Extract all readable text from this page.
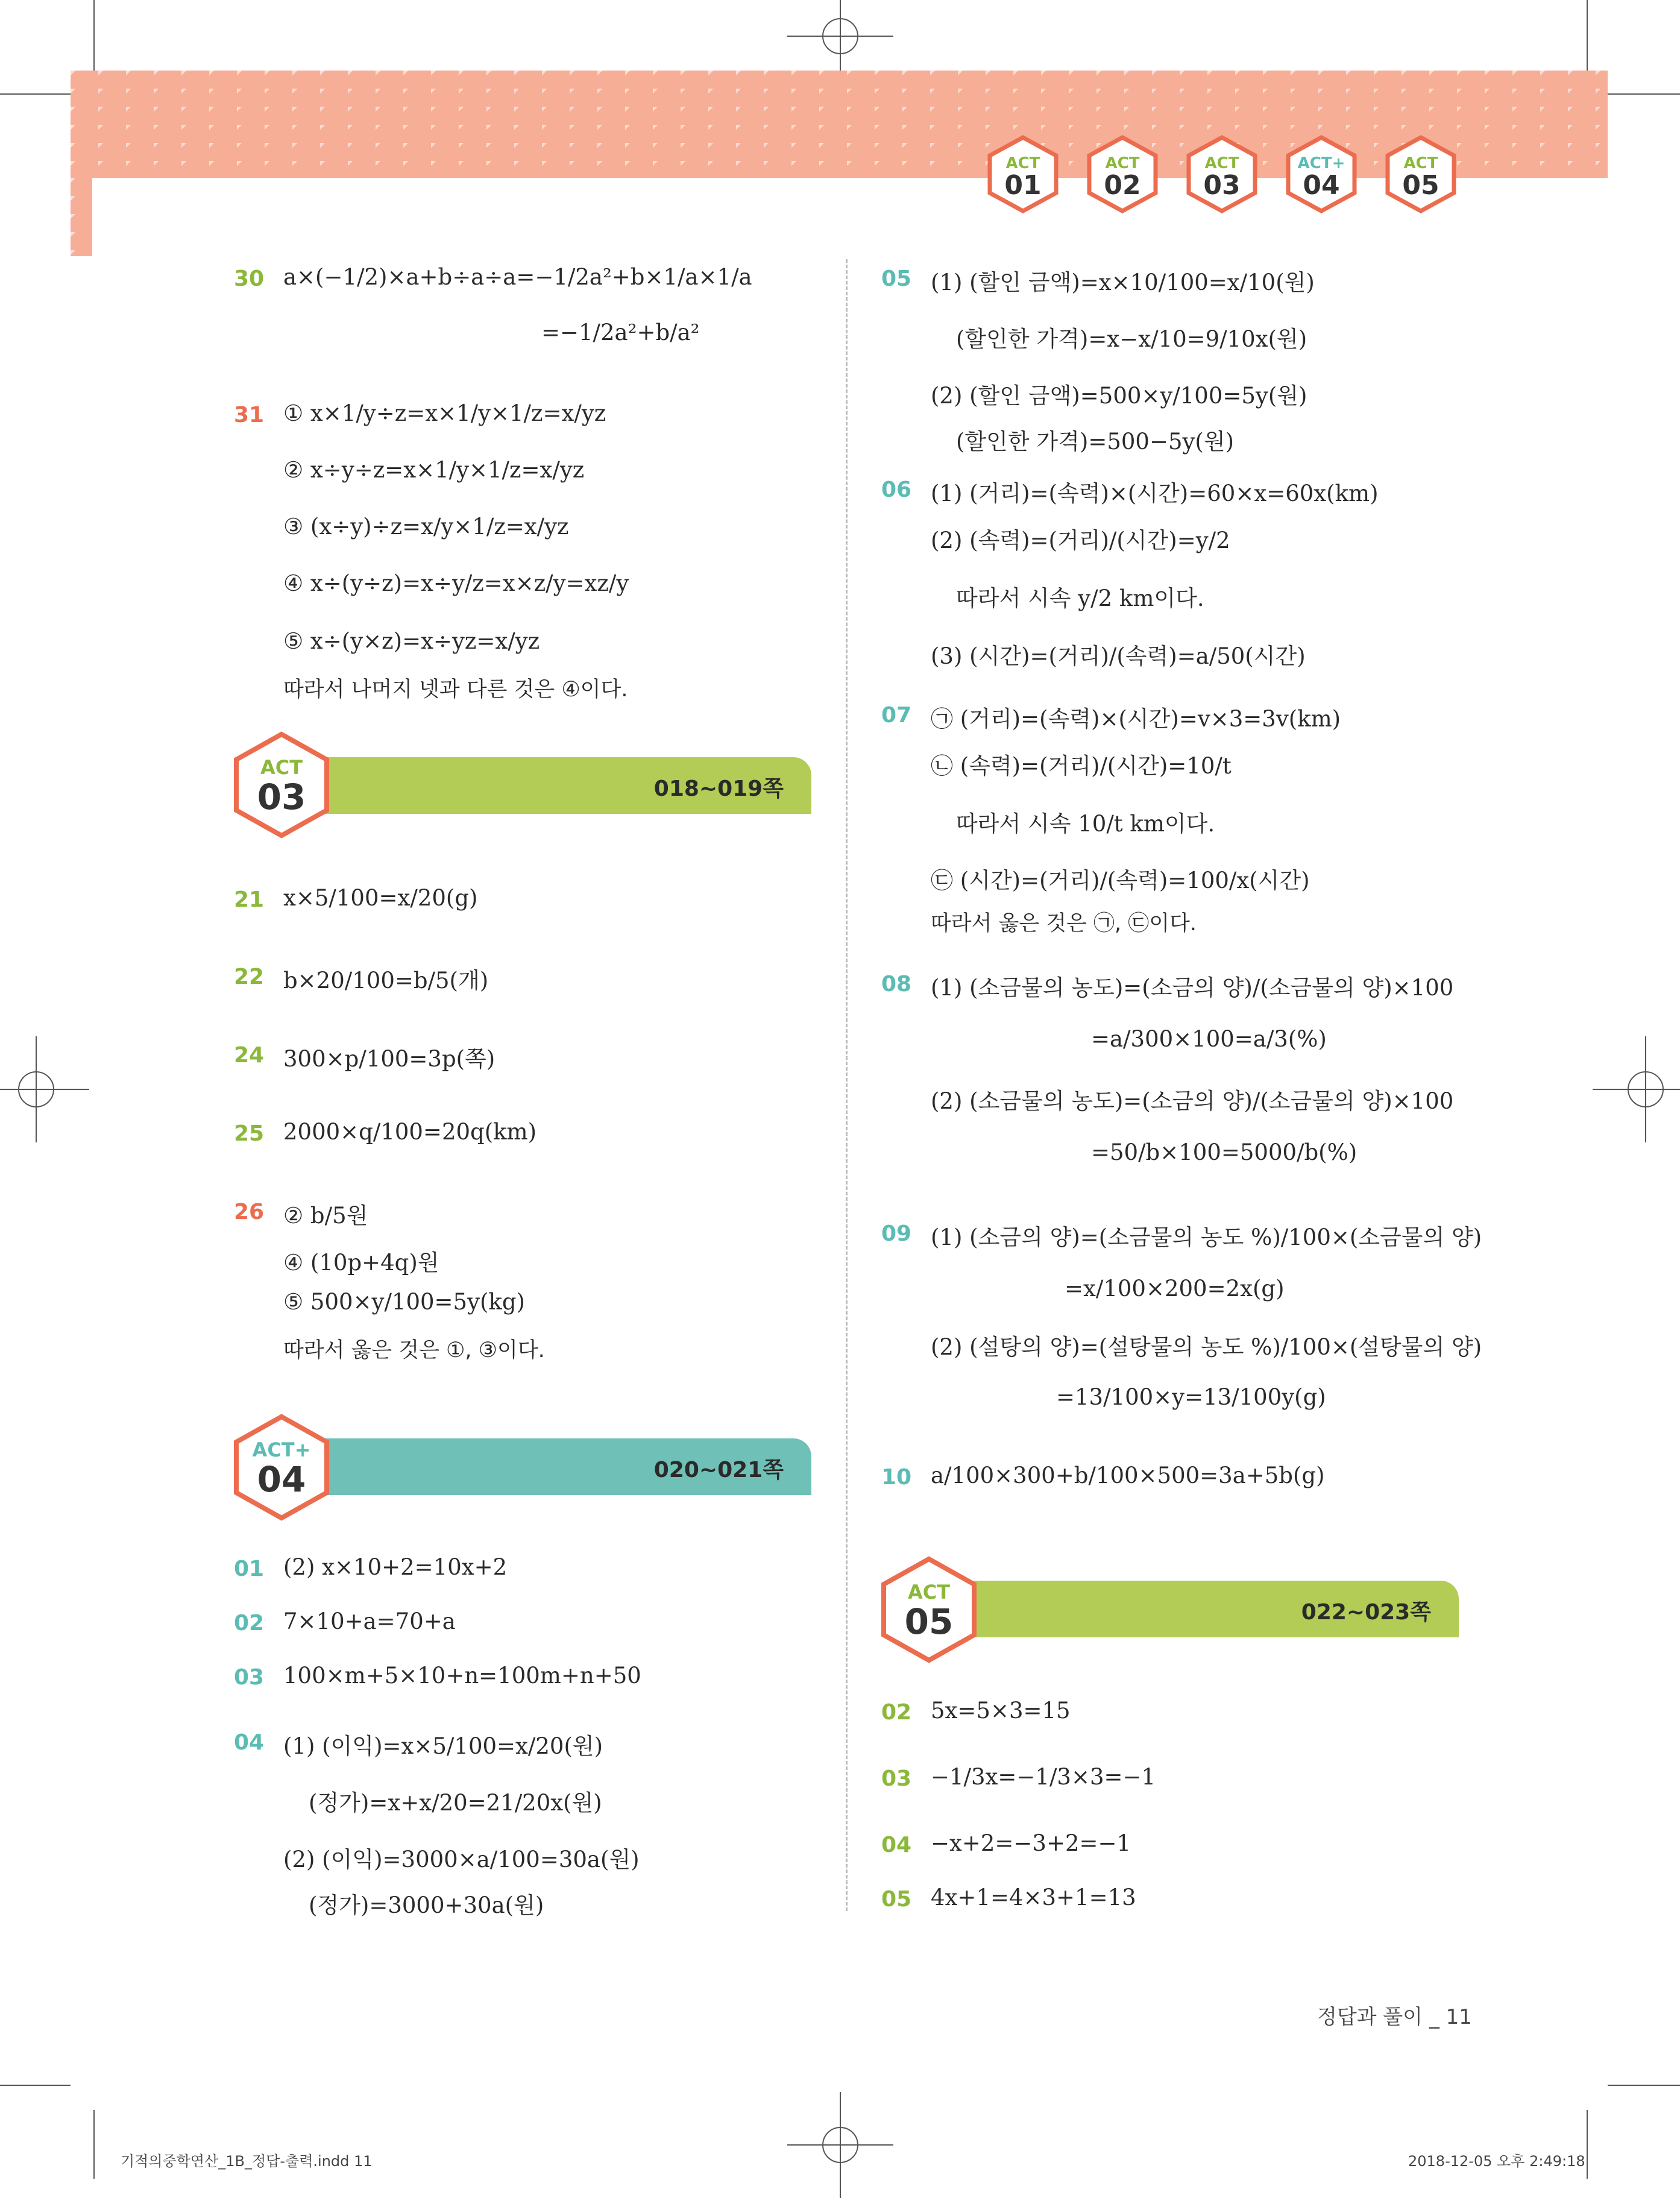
ACT
01
ACT
02
ACT
03
ACT+
04
ACT
05
30 a×(−1/2)×a+b÷a÷a=−1/2a²+b×1/a×1/a
=−1/2a²+b/a²
31 ① x×1/y÷z=x×1/y×1/z=x/yz
② x÷y÷z=x×1/y×1/z=x/yz
③ (x÷y)÷z=x/y×1/z=x/yz
④ x÷(y÷z)=x÷y/z=x×z/y=xz/y
⑤ x÷(y×z)=x÷yz=x/yz
따라서 나머지 넷과 다른 것은 ④이다.
018~019쪽
ACT
03
21 x×5/100=x/20(g)
22 b×20/100=b/5(개)
24 300×p/100=3p(쪽)
25 2000×q/100=20q(km)
26 ② b/5원
④ (10p+4q)원
⑤ 500×y/100=5y(kg)
따라서 옳은 것은 ①, ③이다.
020~021쪽
ACT+
04
01 (2) x×10+2=10x+2
02 7×10+a=70+a
03 100×m+5×10+n=100m+n+50
04 (1) (이익)=x×5/100=x/20(원)
(정가)=x+x/20=21/20x(원)
(2) (이익)=3000×a/100=30a(원)
(정가)=3000+30a(원)
05 (1) (할인 금액)=x×10/100=x/10(원)
(할인한 가격)=x−x/10=9/10x(원)
(2) (할인 금액)=500×y/100=5y(원)
(할인한 가격)=500−5y(원)
06 (1) (거리)=(속력)×(시간)=60×x=60x(km)
(2) (속력)=(거리)/(시간)=y/2
따라서 시속 y/2 km이다.
(3) (시간)=(거리)/(속력)=a/50(시간)
07 ㉠ (거리)=(속력)×(시간)=v×3=3v(km)
㉡ (속력)=(거리)/(시간)=10/t
따라서 시속 10/t km이다.
㉢ (시간)=(거리)/(속력)=100/x(시간)
따라서 옳은 것은 ㉠, ㉢이다.
08 (1) (소금물의 농도)=(소금의 양)/(소금물의 양)×100
=a/300×100=a/3(%)
(2) (소금물의 농도)=(소금의 양)/(소금물의 양)×100
=50/b×100=5000/b(%)
09 (1) (소금의 양)=(소금물의 농도 %)/100×(소금물의 양)
=x/100×200=2x(g)
(2) (설탕의 양)=(설탕물의 농도 %)/100×(설탕물의 양)
=13/100×y=13/100y(g)
10 a/100×300+b/100×500=3a+5b(g)
022~023쪽
ACT
05
02 5x=5×3=15
03 −1/3x=−1/3×3=−1
04 −x+2=−3+2=−1
05 4x+1=4×3+1=13
정답과 풀이 _ 11
기적의중학연산_1B_정답-출력.indd 11	2018-12-05 오후 2:49:18
